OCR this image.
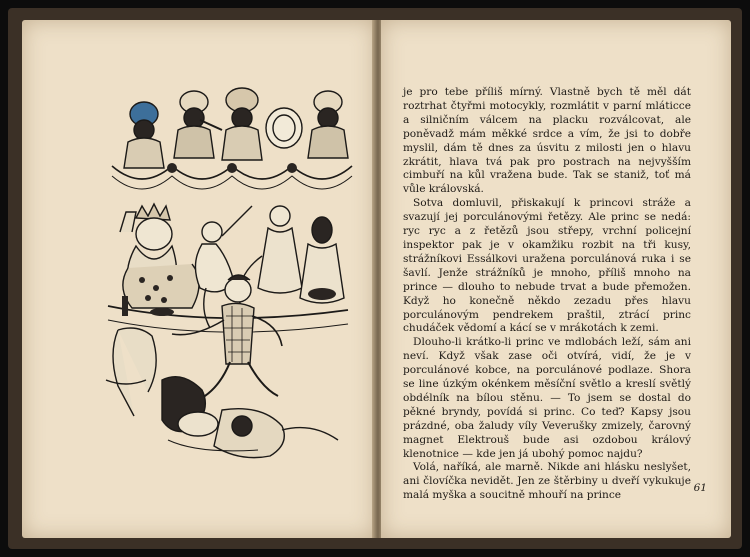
je pro tebe příliš mírný. Vlastně bych tě měl dát roztrhat čtyřmi motocykly, rozmlátit v parní mláticce a silničním válcem na placku rozválcovat, ale poněvadž mám měkké srdce a vím, že jsi to dobře myslil, dám tě dnes za úsvitu z milosti jen o hlavu zkrátit, hlava tvá pak pro postrach na nejvyšším cimbuří na kůl vražena bude. Tak se staniž, toť má vůle královská.

Sotva domluvil, přiskakují k princovi stráže a svazují jej porculánovými řetězy. Ale princ se nedá: ryc ryc a z řetězů jsou střepy, vrchní policejní inspektor pak je v okamžiku rozbit na tři kusy, strážníkovi Essálkovi uražena porculánová ruka i se šavlí. Jenže strážníků je mnoho, příliš mnoho na prince — dlouho to nebude trvat a bude přemožen. Když ho konečně někdo zezadu přes hlavu porculánovým pendrekem praštil, ztrácí princ chudáček vědomí a kácí se v mrákotách k zemi.

Dlouho-li krátko-li princ ve mdlobách leží, sám ani neví. Když však zase oči otvírá, vidí, že je v porculánové kobce, na porculánové podlaze. Shora se line úzkým okénkem měsíční světlo a kreslí světlý obdélník na bílou stěnu. — To jsem se dostal do pěkné bryndy, povídá si princ. Co teď? Kapsy jsou prázdné, oba žaludy víly Veverušky zmizely, čarovný magnet Elektrouš bude asi ozdobou králový klenotnice — kde jen já ubohý pomoc najdu?

Volá, naříká, ale marně. Nikde ani hlásku neslyšet, ani človíčka nevidět. Jen ze štěrbiny u dveří vykukuje malá myška a soucitně mhouří na prince

61
